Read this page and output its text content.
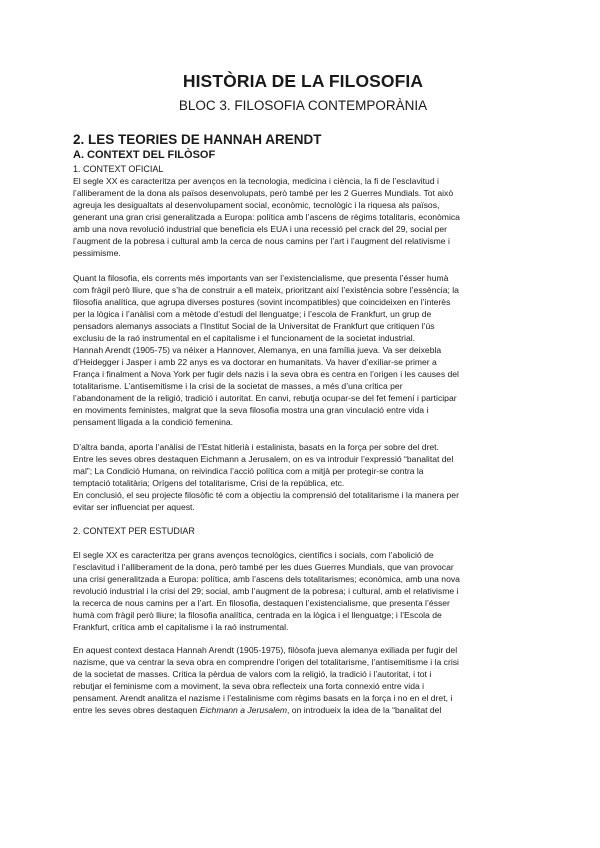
HISTÒRIA DE LA FILOSOFIA
BLOC 3. FILOSOFIA CONTEMPORÀNIA
2. LES TEORIES DE HANNAH ARENDT
A. CONTEXT DEL FILÒSOF
1. CONTEXT OFICIAL

El segle XX es caracteritza per avenços en la tecnologia, medicina i ciència, la fi de l’esclavitud i
l’alliberament de la dona als països desenvolupats, però també per les 2 Guerres Mundials. Tot això
agreuja les desigualtats al desenvolupament social, econòmic, tecnològic i la riquesa als països,
generant una gran crisi generalitzada a Europa: política amb l’ascens de règims totalitaris, econòmica
amb una nova revolució industrial que beneficia els EUA i una recessió pel crack del 29, social per
l’augment de la pobresa i cultural amb la cerca de nous camins per l’art i l’augment del relativisme i
pessimisme.

Quant la filosofia, els corrents més importants van ser l’existencialisme, que presenta l’ésser humà
com fràgil però lliure, que s’ha de construir a ell mateix, prioritzant així l’existència sobre l’essència; la
filosofia analítica, que agrupa diverses postures (sovint incompatibles) que coincideixen en l’interès
per la lògica i l’anàlisi com a mètode d’estudi del llenguatge; i l’escola de Frankfurt, un grup de
pensadors alemanys associats a l’Institut Social de la Universitat de Frankfurt que critiquen l’ús
exclusiu de la raó instrumental en el capitalisme i el funcionament de la societat industrial.
Hannah Arendt (1905-75) va néixer a Hannover, Alemanya, en una família jueva. Va ser deixebla
d’Heidegger i Jasper i amb 22 anys es va doctorar en humanitats. Va haver d’exiliar-se primer a
França i finalment a Nova York per fugir dels nazis i la seva obra es centra en l’origen i les causes del
totalitarisme. L’antisemitisme i la crisi de la societat de masses, a més d’una crítica per
l’abandonament de la religió, tradició i autoritat. En canvi, rebutja ocupar-se del fet femení i participar
en moviments feministes, malgrat que la seva filosofia mostra una gran vinculació entre vida i
pensament lligada a la condició femenina.

D’altra banda, aporta l’anàlisi de l’Estat hitlerià i estalinista, basats en la força per sobre del dret.
Entre les seves obres destaquen Eichmann a Jerusalem, on es va introduir l’expressió “banalitat del
mal”; La Condició Humana, on reivindica l’acció política com a mitjà per protegir-se contra la
temptació totalitària; Orígens del totalitarisme, Crisi de la república, etc.
En conclusió, el seu projecte filosòfic té com a objectiu la comprensió del totalitarisme i la manera per
evitar ser influenciat per aquest.

2. CONTEXT PER ESTUDIAR

El segle XX es caracteritza per grans avenços tecnològics, científics i socials, com l’abolició de
l’esclavitud i l’alliberament de la dona, però també per les dues Guerres Mundials, que van provocar
una crisi generalitzada a Europa: política, amb l’ascens dels totalitarismes; econòmica, amb una nova
revolució industrial i la crisi del 29; social, amb l’augment de la pobresa; i cultural, amb el relativisme i
la recerca de nous camins per a l’art. En filosofia, destaquen l’existencialisme, que presenta l’ésser
humà com fràgil però lliure; la filosofia analítica, centrada en la lògica i el llenguatge; i l’Escola de
Frankfurt, crítica amb el capitalisme i la raó instrumental.

En aquest context destaca Hannah Arendt (1905-1975), filòsofa jueva alemanya exiliada per fugir del
nazisme, que va centrar la seva obra en comprendre l’origen del totalitarisme, l’antisemitisme i la crisi
de la societat de masses. Critica la pèrdua de valors com la religió, la tradició i l’autoritat, i tot i
rebutjar el feminisme com a moviment, la seva obra reflecteix una forta connexió entre vida i
pensament. Arendt analitza el nazisme i l’estalinisme com règims basats en la força i no en el dret, i
entre les seves obres destaquen Eichmann a Jerusalem, on introdueix la idea de la “banalitat del
